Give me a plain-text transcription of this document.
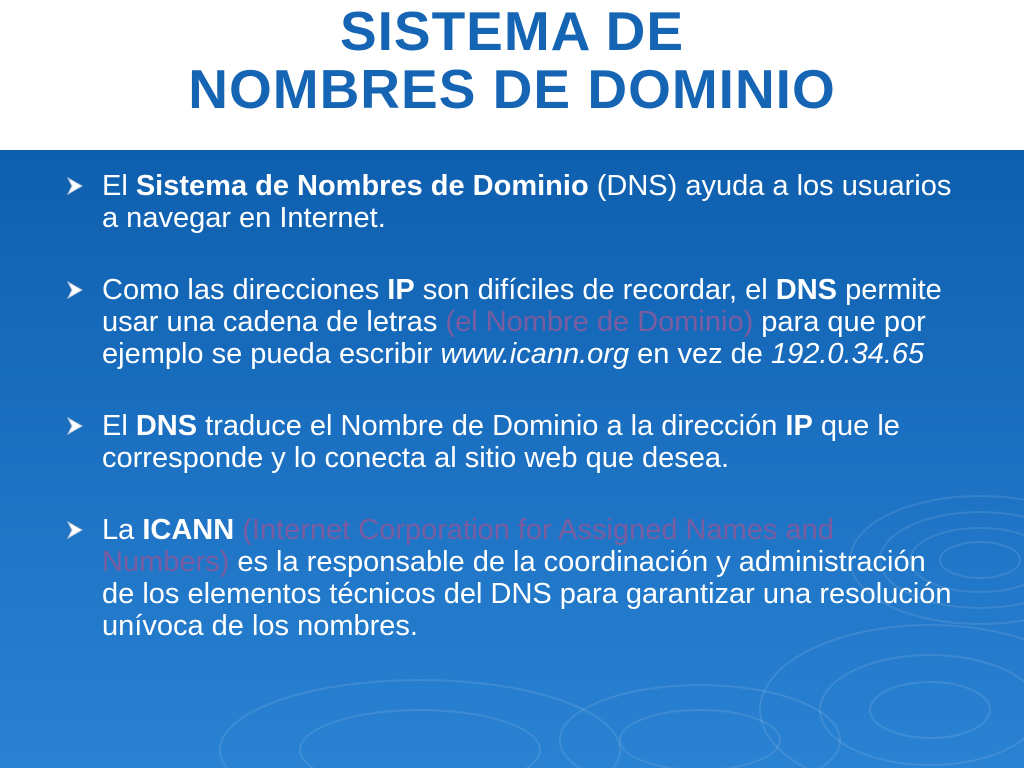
SISTEMA DE
NOMBRES DE DOMINIO
El Sistema de Nombres de Dominio (DNS) ayuda a los usuarios a navegar en Internet.
Como las direcciones IP son difíciles de recordar, el DNS permite usar una cadena de letras (el Nombre de Dominio) para que por ejemplo se pueda escribir www.icann.org en vez de 192.0.34.65
El DNS traduce el Nombre de Dominio a la dirección IP que le corresponde y lo conecta al sitio web que desea.
La ICANN (Internet Corporation for Assigned Names and Numbers) es la responsable de la coordinación y administración de los elementos técnicos del DNS para garantizar una resolución unívoca de los nombres.
